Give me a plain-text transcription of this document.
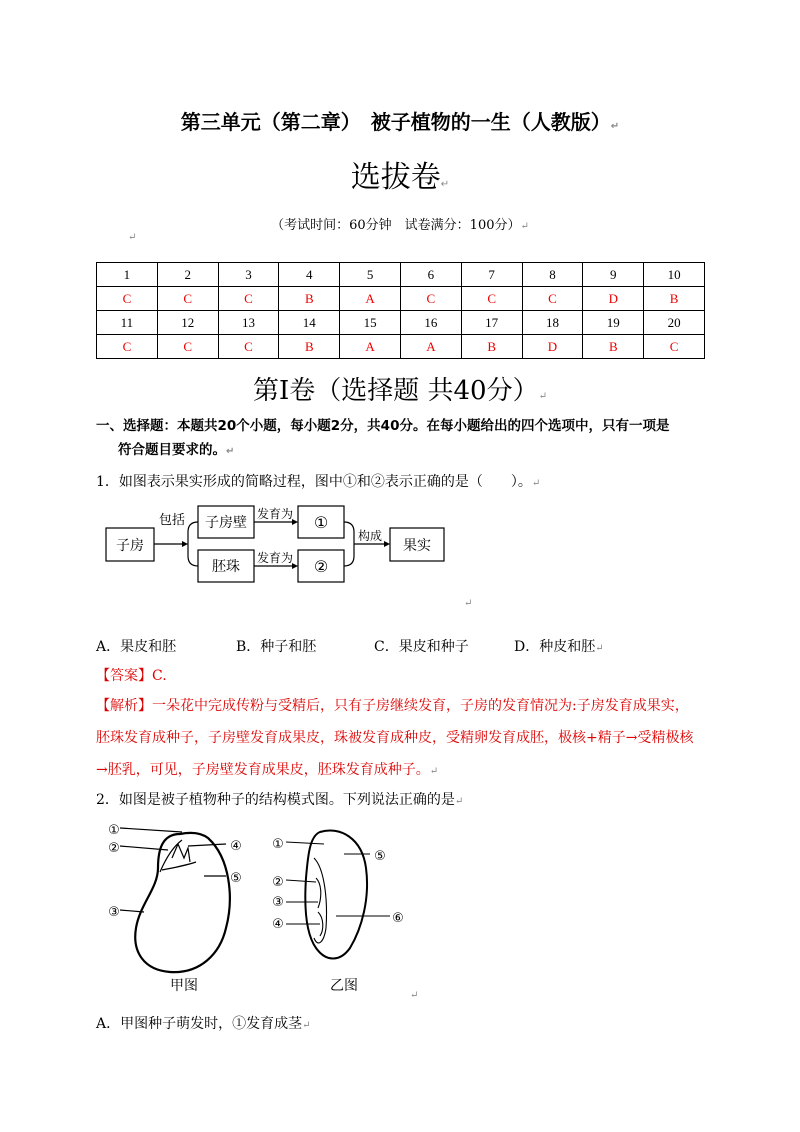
第三单元（第二章）　被子植物的一生（人教版）↵
选拔卷↵
（考试时间：60分钟　试卷满分：100分）↵
↵
1	2	3	4	5	6	7	8	9	10
C	C	C	B	A	C	C	C	D	B
11	12	13	14	15	16	17	18	19	20
C	C	C	B	A	A	B	D	B	C
第Ⅰ卷（选择题 共40分）↵
一、选择题：本题共20个小题，每小题2分，共40分。在每小题给出的四个选项中，只有一项是
符合题目要求的。↵
1．如图表示果实形成的简略过程，图中①和②表示正确的是（　　）。↵
子房
包括 子房壁
胚珠
发育为
发育为
①
②
构成
果实
↵
A．果皮和胚	B．种子和胚	C．果皮和种子	D．种皮和胚↵
【答案】C.
【解析】一朵花中完成传粉与受精后，只有子房继续发育，子房的发育情况为:子房发育成果实，
胚珠发育成种子，子房壁发育成果皮，珠被发育成种皮，受精卵发育成胚，极核+精子→受精极核
→胚乳，可见，子房壁发育成果皮，胚珠发育成种子。↵
2．如图是被子植物种子的结构模式图。下列说法正确的是↵
①
②
③
④
⑤
甲图
①
②
③
④
⑤
⑥
乙图
↵
A．甲图种子萌发时，①发育成茎↵
